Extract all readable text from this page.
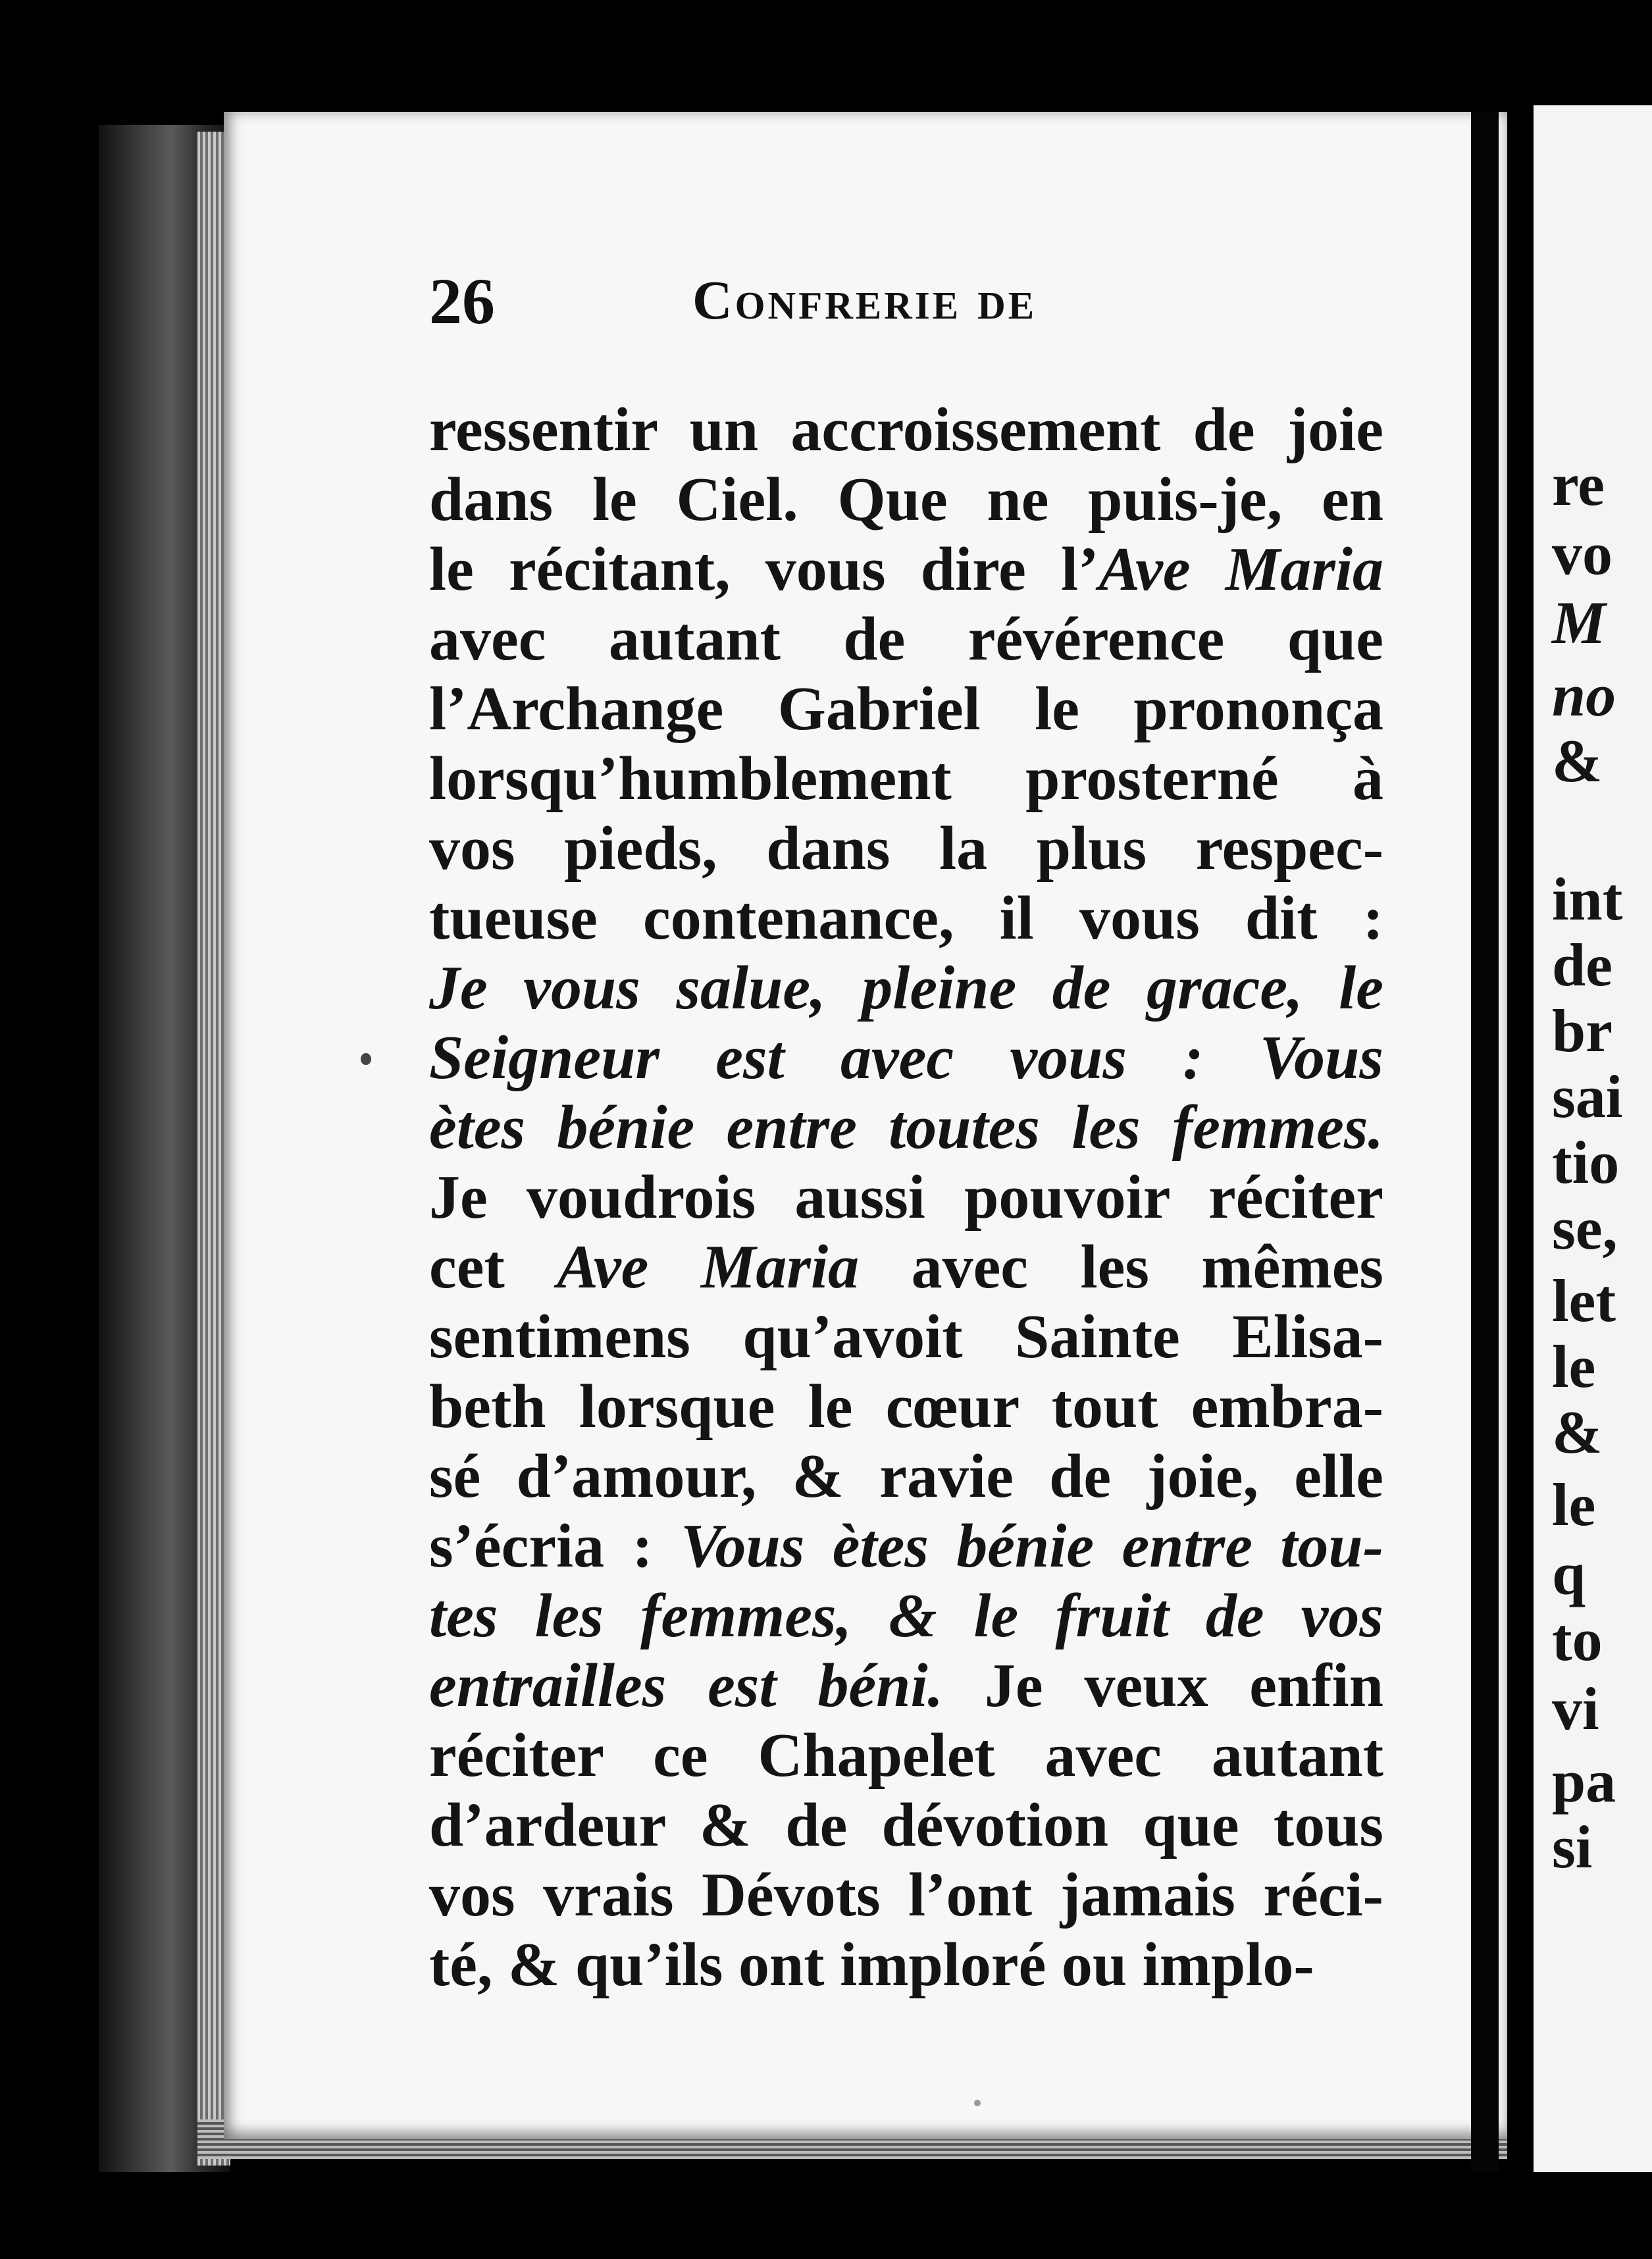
re
vo
M
no
&
int
de
br
sai
tio
se,
let
le
&
le
q
to
vi
pa
si
26	Confrerie de
ressentir un accroissement de joie
dans le Ciel. Que ne puis-je, en
le récitant, vous dire l’Ave Maria
avec autant de révérence que
l’Archange Gabriel le prononça
lorsqu’humblement prosterné à
vos pieds, dans la plus respec-
tueuse contenance, il vous dit :
Je vous salue, pleine de grace, le
Seigneur est avec vous : Vous
ètes bénie entre toutes les femmes.
Je voudrois aussi pouvoir réciter
cet Ave Maria avec les mêmes
sentimens qu’avoit Sainte Elisa-
beth lorsque le cœur tout embra-
sé d’amour, & ravie de joie, elle
s’écria : Vous ètes bénie entre tou-
tes les femmes, & le fruit de vos
entrailles est béni. Je veux enfin
réciter ce Chapelet avec autant
d’ardeur & de dévotion que tous
vos vrais Dévots l’ont jamais réci-
té, & qu’ils ont imploré ou implo-
